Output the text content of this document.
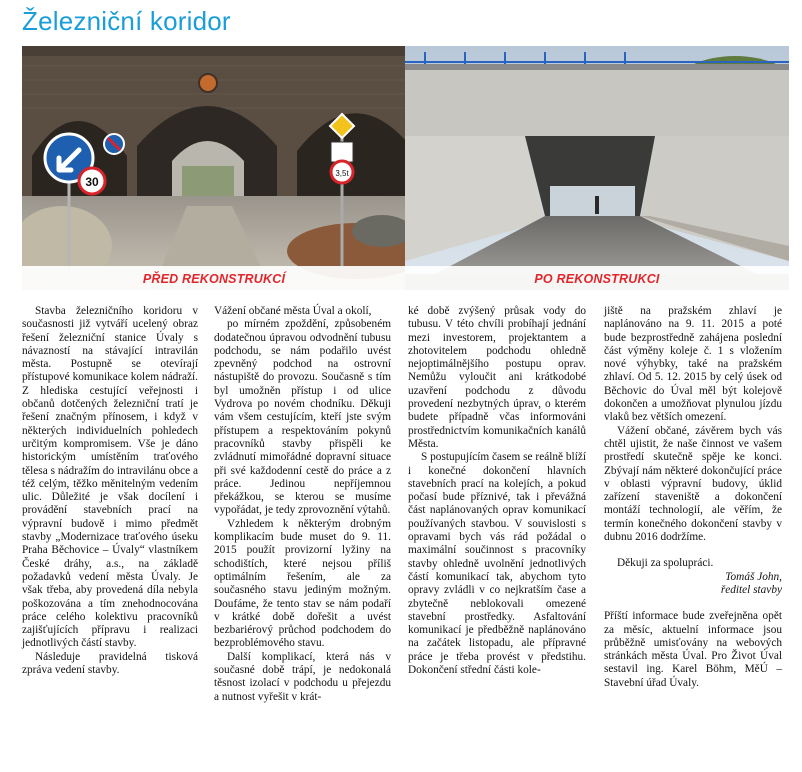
Železniční koridor
30
3,5t
PŘED REKONSTRUKCÍ	PO REKONSTRUKCI

Stavba železničního koridoru v současnosti již vytváří ucelený obraz řešení železniční stanice Úvaly s návazností na stávající intravilán města. Postupně se otevírají přístupové komunikace kolem nádraží. Z hlediska cestující veřejnosti i občanů dotčených železniční tratí je řešení značným přínosem, i když v některých individuelních pohledech určitým kompromisem. Vše je dáno historickým umístěním traťového tělesa s nádražím do intravilánu obce a též celým, těžko měnitelným vedením ulic. Důležité je však docílení i provádění stavebních prací na výpravní budově i mimo předmět stavby „Modernizace traťového úseku Praha Běchovice – Úvaly“ vlastníkem České dráhy, a.s., na základě požadavků vedení města Úvaly. Je však třeba, aby provedená díla nebyla poškozována a tím znehodnocována práce celého kolektivu pracovníků zajišťujících přípravu i realizaci jednotlivých částí stavby.

Následuje pravidelná tisková zpráva vedení stavby.

Vážení občané města Úval a okolí,

po mírném zpoždění, způsobeném dodatečnou úpravou odvodnění tubusu podchodu, se nám podařilo uvést zpevněný podchod na ostrovní nástupiště do provozu. Současně s tím byl umožněn přístup i od ulice Vydrova po novém chodníku. Děkuji vám všem cestujícím, kteří jste svým přístupem a respektováním pokynů pracovníků stavby přispěli ke zvládnutí mimořádné dopravní situace při své každodenní cestě do práce a z práce. Jedinou nepříjemnou překážkou, se kterou se musíme vypořádat, je tedy zprovoznění výtahů.

Vzhledem k některým drobným komplikacím bude muset do 9. 11. 2015 použít provizorní lyžiny na schodištích, které nejsou příliš optimálním řešením, ale za současného stavu jediným možným. Doufáme, že tento stav se nám podaří v krátké době dořešit a uvést bezbariérový průchod podchodem do bezproblémového stavu.

Další komplikací, která nás v současné době trápí, je nedokonalá těsnost izolací v podchodu u přejezdu a nutnost vyřešit v krát-

ké době zvýšený průsak vody do tubusu. V této chvíli probíhají jednání mezi investorem, projektantem a zhotovitelem podchodu ohledně nejoptimálnějšího postupu oprav. Nemůžu vyloučit ani krátkodobé uzavření podchodu z důvodu provedení nezbytných úprav, o kterém budete případně včas informováni prostřednictvím komunikačních kanálů Města.

S postupujícím časem se reálně blíží i konečné dokončení hlavních stavebních prací na kolejích, a pokud počasí bude příznivé, tak i převážná část naplánovaných oprav komunikací používaných stavbou. V souvislosti s opravami bych vás rád požádal o maximální součinnost s pracovníky stavby ohledně uvolnění jednotlivých částí komunikací tak, abychom tyto opravy zvládli v co nejkratším čase a zbytečně neblokovali omezené stavební prostředky. Asfaltování komunikací je předběžně naplánováno na začátek listopadu, ale přípravné práce je třeba provést v předstihu. Dokončení střední části kole-

jiště na pražském zhlaví je naplánováno na 9. 11. 2015 a poté bude bezprostředně zahájena poslední část výměny koleje č. 1 s vložením nové výhybky, také na pražském zhlaví. Od 5. 12. 2015 by celý úsek od Běchovic do Úval měl být kolejově dokončen a umožňovat plynulou jízdu vlaků bez větších omezení.

Vážení občané, závěrem bych vás chtěl ujistit, že naše činnost ve vašem prostředí skutečně spěje ke konci. Zbývají nám některé dokončující práce v oblasti výpravní budovy, úklid zařízení staveniště a dokončení montáží technologií, ale věřím, že termín konečného dokončení stavby v dubnu 2016 dodržíme.

Děkuji za spolupráci.

Tomáš John,

ředitel stavby

Příští informace bude zveřejněna opět za měsíc, aktuelní informace jsou průběžně umisťovány na webových stránkách města Úval. Pro Život Úval sestavil ing. Karel Böhm, MěÚ – Stavební úřad Úvaly.
